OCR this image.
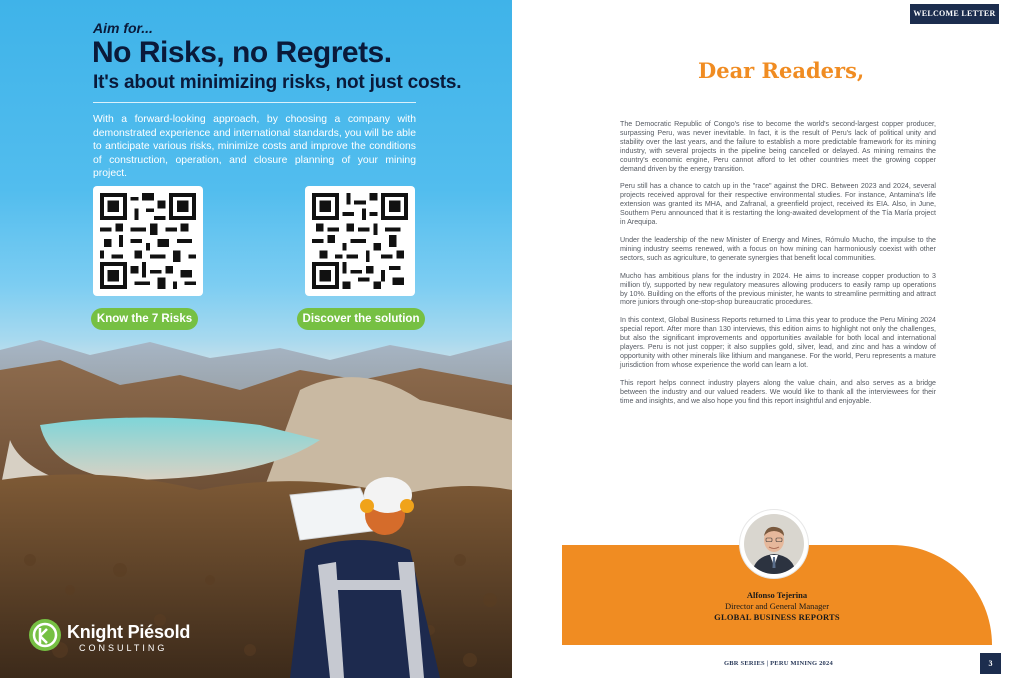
Aim for...
No Risks, no Regrets.
It's about minimizing risks, not just costs.
With a forward-looking approach, by choosing a company with demonstrated experience and international standards, you will be able to anticipate various risks, minimize costs and improve the conditions of construction, operation, and closure planning of your mining project.
Know the 7 Risks	Discover the solution
Knight Piésold
CONSULTING
WELCOME LETTER
Dear Readers,

The Democratic Republic of Congo's rise to become the world's second-largest copper producer, surpassing Peru, was never inevitable. In fact, it is the result of Peru's lack of political unity and stability over the last years, and the failure to establish a more predictable framework for its mining industry, with several projects in the pipeline being cancelled or delayed. As mining remains the country's economic engine, Peru cannot afford to let other countries meet the growing copper demand driven by the energy transition.

Peru still has a chance to catch up in the "race" against the DRC. Between 2023 and 2024, several projects received approval for their respective environmental studies. For instance, Antamina's life extension was granted its MHA, and Zafranal, a greenfield project, received its EIA. Also, in June, Southern Peru announced that it is restarting the long-awaited development of the Tía María project in Arequipa.

Under the leadership of the new Minister of Energy and Mines, Rómulo Mucho, the impulse to the mining industry seems renewed, with a focus on how mining can harmoniously coexist with other sectors, such as agriculture, to generate synergies that benefit local communities.

Mucho has ambitious plans for the industry in 2024. He aims to increase copper production to 3 million t/y, supported by new regulatory measures allowing producers to easily ramp up operations by 10%. Building on the efforts of the previous minister, he wants to streamline permitting and attract more juniors through one-stop-shop bureaucratic procedures.

In this context, Global Business Reports returned to Lima this year to produce the Peru Mining 2024 special report. After more than 130 interviews, this edition aims to highlight not only the challenges, but also the significant improvements and opportunities available for both local and international players. Peru is not just copper; it also supplies gold, silver, lead, and zinc and has a window of opportunity with other minerals like lithium and manganese. For the world, Peru represents a mature jurisdiction from whose experience the world can learn a lot.

This report helps connect industry players along the value chain, and also serves as a bridge between the industry and our valued readers. We would like to thank all the interviewees for their time and insights, and we also hope you find this report insightful and enjoyable.

Alfonso Tejerina
Director and General Manager
GLOBAL BUSINESS REPORTS
GBR SERIES | PERU MINING 2024	3
